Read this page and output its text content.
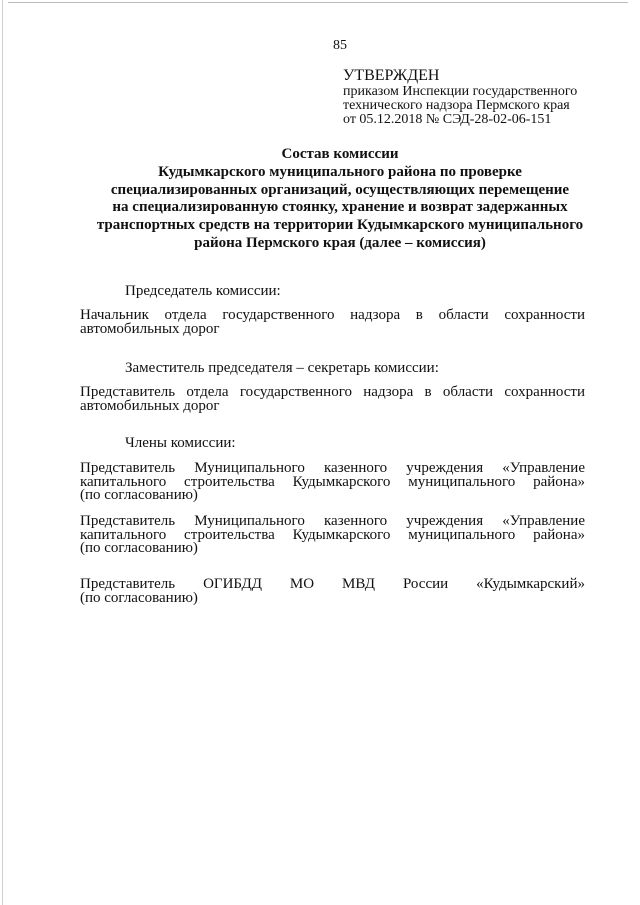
85
УТВЕРЖДЕН
приказом Инспекции государственного
технического надзора Пермского края
от 05.12.2018 № СЭД-28-02-06-151
Состав комиссии
Кудымкарского муниципального района по проверке
специализированных организаций, осуществляющих перемещение
на специализированную стоянку, хранение и возврат задержанных
транспортных средств на территории Кудымкарского муниципального
района Пермского края (далее – комиссия)
Председатель комиссии:
Начальник отдела государственного надзора в области сохранности
автомобильных дорог
Заместитель председателя – секретарь комиссии:
Представитель отдела государственного надзора в области сохранности
автомобильных дорог
Члены комиссии:
Представитель Муниципального казенного учреждения «Управление
капитального строительства Кудымкарского муниципального района»
(по согласованию)
Представитель Муниципального казенного учреждения «Управление
капитального строительства Кудымкарского муниципального района»
(по согласованию)
Представитель ОГИБДД МО МВД России «Кудымкарский»
(по согласованию)
